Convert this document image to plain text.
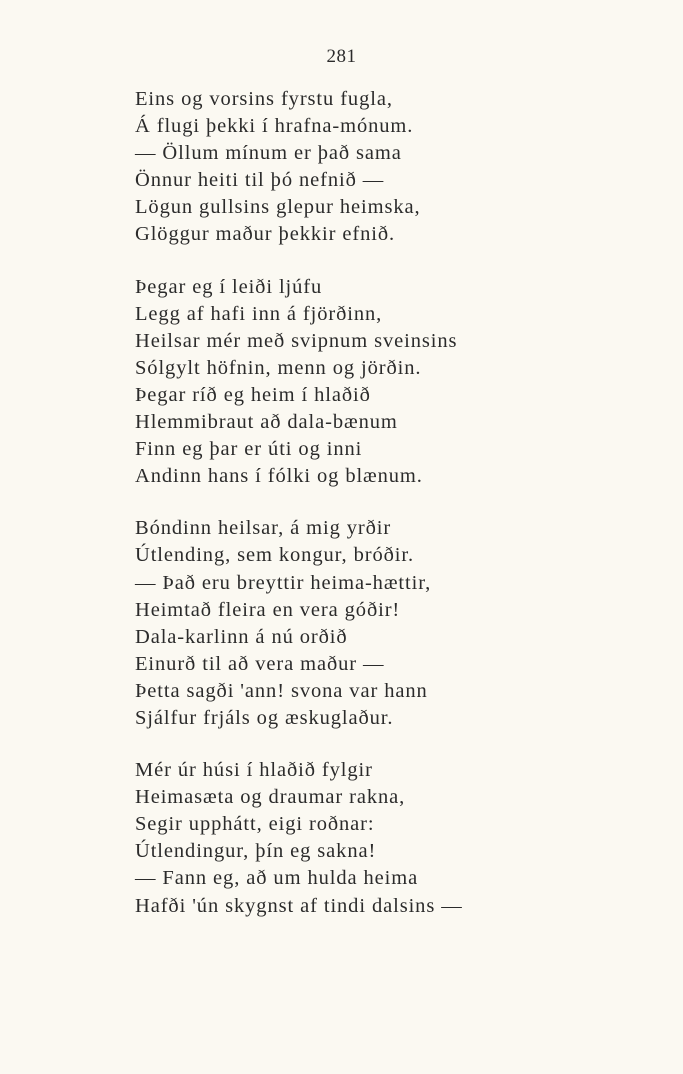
281
Eins og vorsins fyrstu fugla,
Á flugi þekki í hrafna-mónum.
— Öllum mínum er það sama
Önnur heiti til þó nefnið —
Lögun gullsins glepur heimska,
Glöggur maður þekkir efnið.
Þegar eg í leiði ljúfu
Legg af hafi inn á fjörðinn,
Heilsar mér með svipnum sveinsins
Sólgylt höfnin, menn og jörðin.
Þegar ríð eg heim í hlaðið
Hlemmibraut að dala-bænum
Finn eg þar er úti og inni
Andinn hans í fólki og blænum.
Bóndinn heilsar, á mig yrðir
Útlending, sem kongur, bróðir.
— Það eru breyttir heima-hættir,
Heimtað fleira en vera góðir!
Dala-karlinn á nú orðið
Einurð til að vera maður —
Þetta sagði 'ann! svona var hann
Sjálfur frjáls og æskuglaður.
Mér úr húsi í hlaðið fylgir
Heimasæta og draumar rakna,
Segir upphátt, eigi roðnar:
Útlendingur, þín eg sakna!
— Fann eg, að um hulda heima
Hafði 'ún skygnst af tindi dalsins —
